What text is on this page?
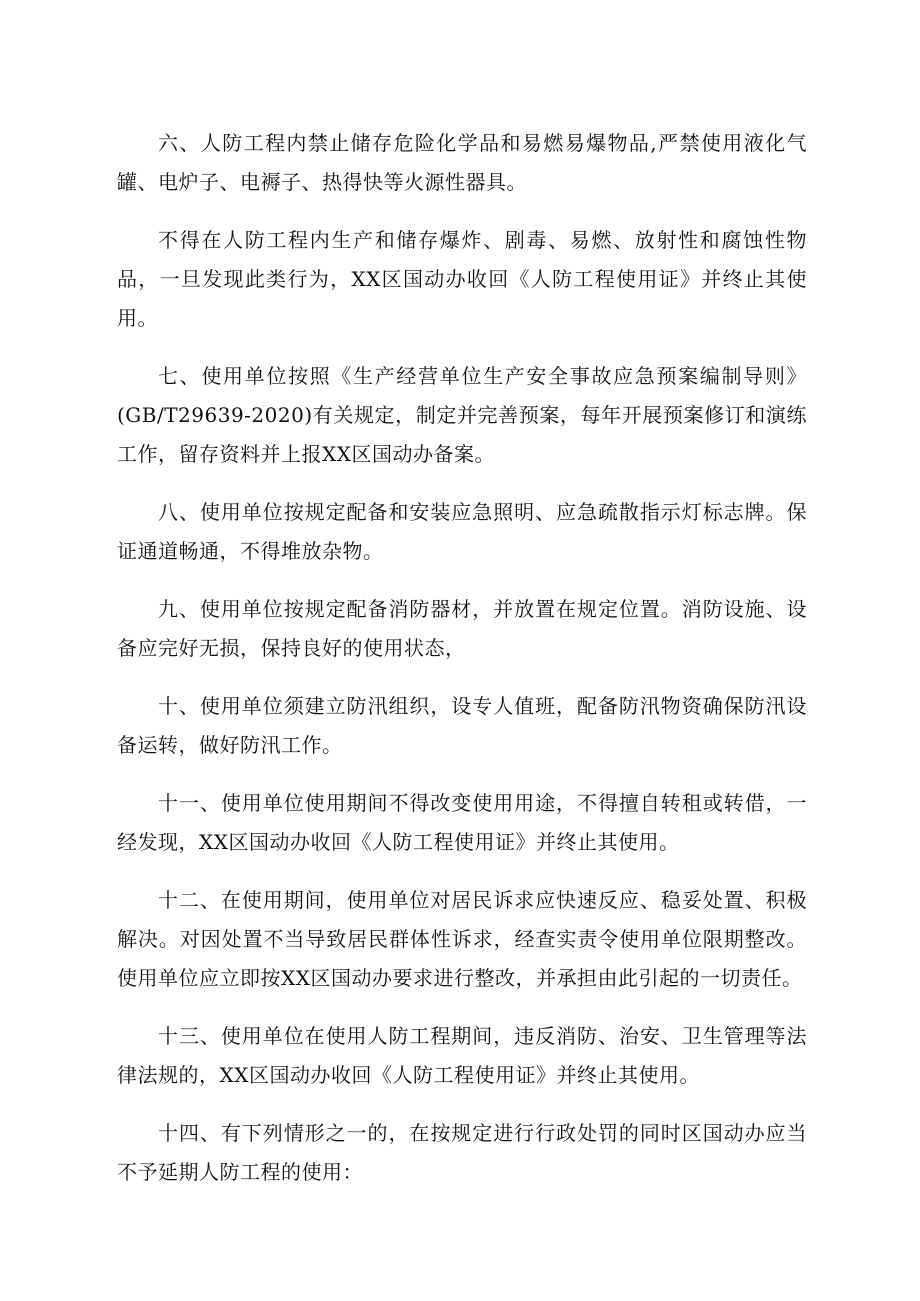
六、人防工程内禁止储存危险化学品和易燃易爆物品,严禁使用液化气罐、电炉子、电褥子、热得快等火源性器具。

不得在人防工程内生产和储存爆炸、剧毒、易燃、放射性和腐蚀性物品，一旦发现此类行为，XX区国动办收回《人防工程使用证》并终止其使用。

七、使用单位按照《生产经营单位生产安全事故应急预案编制导则》(GB/T29639-2020)有关规定，制定并完善预案，每年开展预案修订和演练工作，留存资料并上报XX区国动办备案。

八、使用单位按规定配备和安装应急照明、应急疏散指示灯标志牌。保证通道畅通，不得堆放杂物。

九、使用单位按规定配备消防器材，并放置在规定位置。消防设施、设备应完好无损，保持良好的使用状态，

十、使用单位须建立防汛组织，设专人值班，配备防汛物资确保防汛设备运转，做好防汛工作。

十一、使用单位使用期间不得改变使用用途，不得擅自转租或转借，一经发现，XX区国动办收回《人防工程使用证》并终止其使用。

十二、在使用期间，使用单位对居民诉求应快速反应、稳妥处置、积极解决。对因处置不当导致居民群体性诉求，经查实责令使用单位限期整改。使用单位应立即按XX区国动办要求进行整改，并承担由此引起的一切责任。

十三、使用单位在使用人防工程期间，违反消防、治安、卫生管理等法律法规的，XX区国动办收回《人防工程使用证》并终止其使用。

十四、有下列情形之一的，在按规定进行行政处罚的同时区国动办应当不予延期人防工程的使用：
